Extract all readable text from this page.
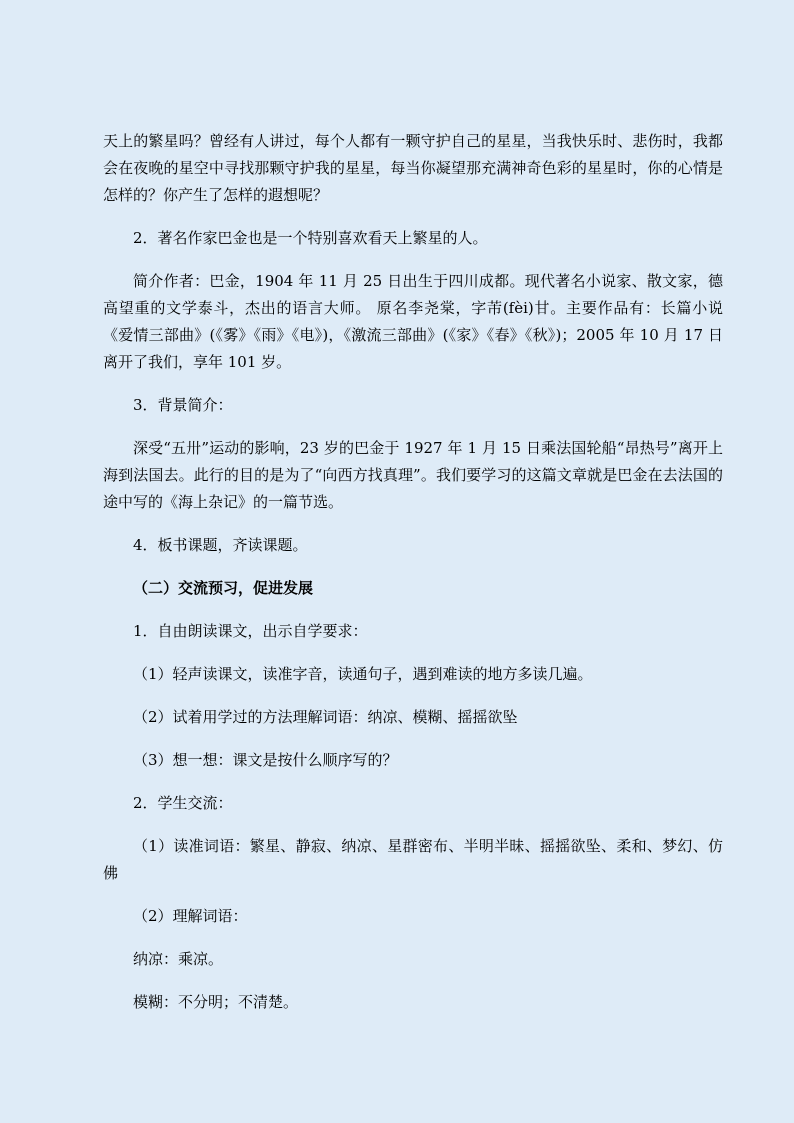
天上的繁星吗？曾经有人讲过，每个人都有一颗守护自己的星星，当我快乐时、悲伤时，我都会在夜晚的星空中寻找那颗守护我的星星，每当你凝望那充满神奇色彩的星星时，你的心情是怎样的？你产生了怎样的遐想呢？

2．著名作家巴金也是一个特别喜欢看天上繁星的人。

简介作者：巴金，1904 年 11 月 25 日出生于四川成都。现代著名小说家、散文家，德高望重的文学泰斗，杰出的语言大师。 原名李尧棠，字芾(fèi)甘。主要作品有：长篇小说《爱情三部曲》(《雾》《雨》《电》)，《激流三部曲》(《家》《春》《秋》)；2005 年 10 月 17 日离开了我们，享年 101 岁。

3．背景简介：

深受“五卅”运动的影响，23 岁的巴金于 1927 年 1 月 15 日乘法国轮船“昂热号”离开上海到法国去。此行的目的是为了“向西方找真理”。我们要学习的这篇文章就是巴金在去法国的途中写的《海上杂记》的一篇节选。

4．板书课题，齐读课题。

（二）交流预习，促进发展

1．自由朗读课文，出示自学要求：

（1）轻声读课文，读准字音，读通句子，遇到难读的地方多读几遍。

（2）试着用学过的方法理解词语：纳凉、模糊、摇摇欲坠

（3）想一想：课文是按什么顺序写的？

2．学生交流：

（1）读准词语：繁星、静寂、纳凉、星群密布、半明半昧、摇摇欲坠、柔和、梦幻、仿佛

（2）理解词语：

纳凉：乘凉。

模糊：不分明；不清楚。
